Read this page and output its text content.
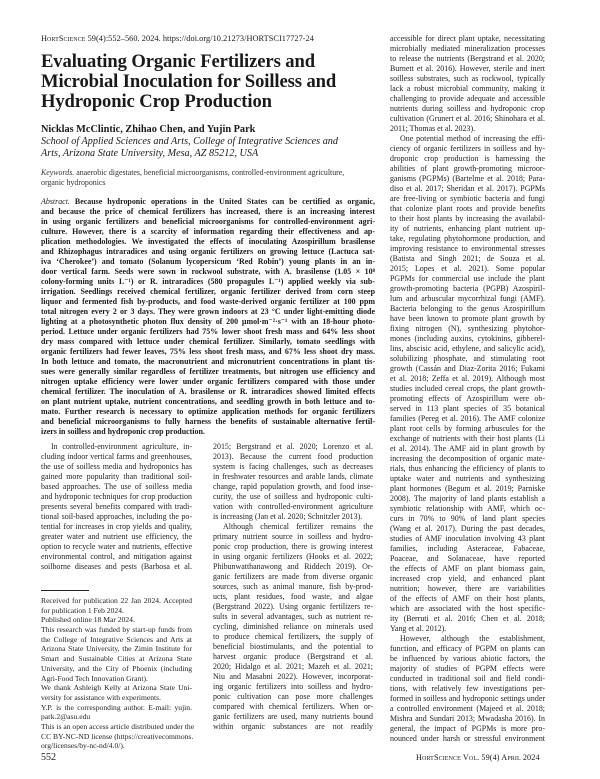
HortScience 59(4):552–560. 2024. https://doi.org/10.21273/HORTSCI17727-24
Evaluating Organic Fertilizers and
Microbial Inoculation for Soilless and
Hydroponic Crop Production
Nicklas McClintic, Zhihao Chen, and Yujin Park
School of Applied Sciences and Arts, College of Integrative Sciences and
Arts, Arizona State University, Mesa, AZ 85212, USA
Keywords. anaerobic digestates, beneficial microorganisms, controlled-environment agriculture,
organic hydroponics
Abstract. Because hydroponic operations in the United States can be certified as organic,
and because the price of chemical fertilizers has increased, there is an increasing interest
in using organic fertilizers and beneficial microorganisms for controlled-environment agri-
culture. However, there is a scarcity of information regarding their effectiveness and ap-
plication methodologies. We investigated the effects of inoculating Azospirillum brasilense
and Rhizophagus intraradices and using organic fertilizers on growing lettuce (Lactuca sat-
iva ‘Cherokee’) and tomato (Solanum lycopersicum ‘Red Robin’) young plants in an in-
door vertical farm. Seeds were sown in rockwool substrate, with A. brasilense (1.05 × 10⁸
colony-forming units L⁻¹) or R. intraradices (580 propagules L⁻¹) applied weekly via sub-
irrigation. Seedlings received chemical fertilizer, organic fertilizer derived from corn steep
liquor and fermented fish by-products, and food waste-derived organic fertilizer at 100 ppm
total nitrogen every 2 or 3 days. They were grown indoors at 23 °C under light-emitting diode
lighting at a photosynthetic photon flux density of 200 µmol·m⁻²·s⁻¹ with an 18-hour photo-
period. Lettuce under organic fertilizers had 75% lower shoot fresh mass and 64% less shoot
dry mass compared with lettuce under chemical fertilizer. Similarly, tomato seedlings with
organic fertilizers had fewer leaves, 75% less shoot fresh mass, and 67% less shoot dry mass.
In both lettuce and tomato, the macronutrient and micronutrient concentrations in plant tis-
sues were generally similar regardless of fertilizer treatments, but nitrogen use efficiency and
nitrogen uptake efficiency were lower under organic fertilizers compared with those under
chemical fertilizer. The inoculation of A. brasilense or R. intraradices showed limited effects
on plant nutrient uptake, nutrient concentrations, and seedling growth in both lettuce and to-
mato. Further research is necessary to optimize application methods for organic fertilizers
and beneficial microorganisms to fully harness the benefits of sustainable alternative fertil-
izers in soilless and hydroponic crop production.
In controlled-environment agriculture, in-
cluding indoor vertical farms and greenhouses,
the use of soilless media and hydroponics has
gained more popularity than traditional soil-
based approaches. The use of soilless media
and hydroponic techniques for crop production
presents several benefits compared with tradi-
tional soil-based approaches, including the po-
tential for increases in crop yields and quality,
greater water and nutrient use efficiency, the
option to recycle water and nutrients, effective
environmental control, and mitigation against
soilborne diseases and pests (Barbosa et al.
2015; Bergstrand et al. 2020; Lorenzo et al.
2013). Because the current food production
system is facing challenges, such as decreases
in freshwater resources and arable lands, climate
change, rapid population growth, and food inse-
curity, the use of soilless and hydroponic culti-
vation with controlled-environment agriculture
is increasing (Jan et al. 2020; Schnitzler 2013).
Although chemical fertilizer remains the
primary nutrient source in soilless and hydro-
ponic crop production, there is growing interest
in using organic fertilizers (Hooks et al. 2022;
Phibunwatthanawong and Riddech 2019). Or-
ganic fertilizers are made from diverse organic
sources, such as animal manure, fish by-prod-
ucts, plant residues, food waste, and algae
(Bergstrand 2022). Using organic fertilizers re-
sults in several advantages, such as nutrient re-
cycling, diminished reliance on minerals used
to produce chemical fertilizers, the supply of
beneficial biostimulants, and the potential to
harvest organic produce (Bergstrand et al.
2020; Hidalgo et al. 2021; Mazeh et al. 2021;
Niu and Masabni 2022). However, incorporat-
ing organic fertilizers into soilless and hydro-
ponic cultivation can pose more challenges
compared with chemical fertilizers. When or-
ganic fertilizers are used, many nutrients bound
within organic substances are not readily
accessible for direct plant uptake, necessitating
microbially mediated mineralization processes
to release the nutrients (Bergstrand et al. 2020;
Burnett et al. 2016). However, sterile and inert
soilless substrates, such as rockwool, typically
lack a robust microbial community, making it
challenging to provide adequate and accessible
nutrients during soilless and hydroponic crop
cultivation (Grunert et al. 2016; Shinohara et al.
2011; Thomas et al. 2023).
One potential method of increasing the effi-
ciency of organic fertilizers in soilless and hy-
droponic crop production is harnessing the
abilities of plant growth-promoting microor-
ganisms (PGPMs) (Bartelme et al. 2018; Para-
diso et al. 2017; Sheridan et al. 2017). PGPMs
are free-living or symbiotic bacteria and fungi
that colonize plant roots and provide benefits
to their host plants by increasing the availabil-
ity of nutrients, enhancing plant nutrient up-
take, regulating phytohormone production, and
improving resistance to environmental stresses
(Batista and Singh 2021; de Souza et al.
2015; Lopes et al. 2021). Some popular
PGPMs for commercial use include the plant
growth-promoting bacteria (PGPB) Azospiril-
lum and arbuscular mycorrhizal fungi (AMF).
Bacteria belonging to the genus Azospirillum
have been known to promote plant growth by
fixing nitrogen (N), synthesizing phytohor-
mones (including auxins, cytokinins, gibberel-
lins, abscisic acid, ethylene, and salicylic acid),
solubilizing phosphate, and stimulating root
growth (Cassán and Diaz-Zorita 2016; Fukami
et al. 2018; Zeffa et al. 2019). Although most
studies included cereal crops, the plant growth-
promoting effects of Azospirillum were ob-
served in 113 plant species of 35 botanical
families (Pereg et al. 2016). The AMF colonize
plant root cells by forming arbuscules for the
exchange of nutrients with their host plants (Li
et al. 2014). The AMF aid in plant growth by
increasing the decomposition of organic mate-
rials, thus enhancing the efficiency of plants to
uptake water and nutrients and synthesizing
plant hormones (Begum et al. 2019; Parniske
2008). The majority of land plants establish a
symbiotic relationship with AMF, which oc-
curs in 70% to 90% of land plant species
(Wang et al. 2017). During the past decades,
studies of AMF inoculation involving 43 plant
families, including Asteraceae, Fabaceae,
Poaceae, and Solanaceae, have reported
the effects of AMF on plant biomass gain,
increased crop yield, and enhanced plant
nutrition; however, there are variabilities
of the effects of AMF on their host plants,
which are associated with the host specific-
ity (Berruti et al. 2016; Chen et al. 2018;
Yang et al. 2012).
However, although the establishment,
function, and efficacy of PGPM on plants can
be influenced by various abiotic factors, the
majority of studies of PGPM effects were
conducted in traditional soil and field condi-
tions, with relatively few investigations per-
formed in soilless and hydroponic settings under
a controlled environment (Majeed et al. 2018;
Mishra and Sundari 2013; Mwadasha 2016). In
general, the impact of PGPMs is more pro-
nounced under harsh or stressful environment
Received for publication 22 Jan 2024. Accepted
for publication 1 Feb 2024.
Published online 18 Mar 2024.
This research was funded by start-up funds from
the College of Integrative Sciences and Arts at
Arizona State University, the Zimin Institute for
Smart and Sustainable Cities at Arizona State
University, and the City of Phoenix (including
Agri-Food Tech Innovation Grant).
We thank Ashleigh Kelly at Arizona State Uni-
versity for assistance with experiments.
Y.P. is the corresponding author. E-mail: yujin.
park.2@asu.edu
This is an open access article distributed under the
CC BY-NC-ND license (https://creativecommons.
org/licenses/by-nc-nd/4.0/).
552	HortScience Vol. 59(4) April 2024
